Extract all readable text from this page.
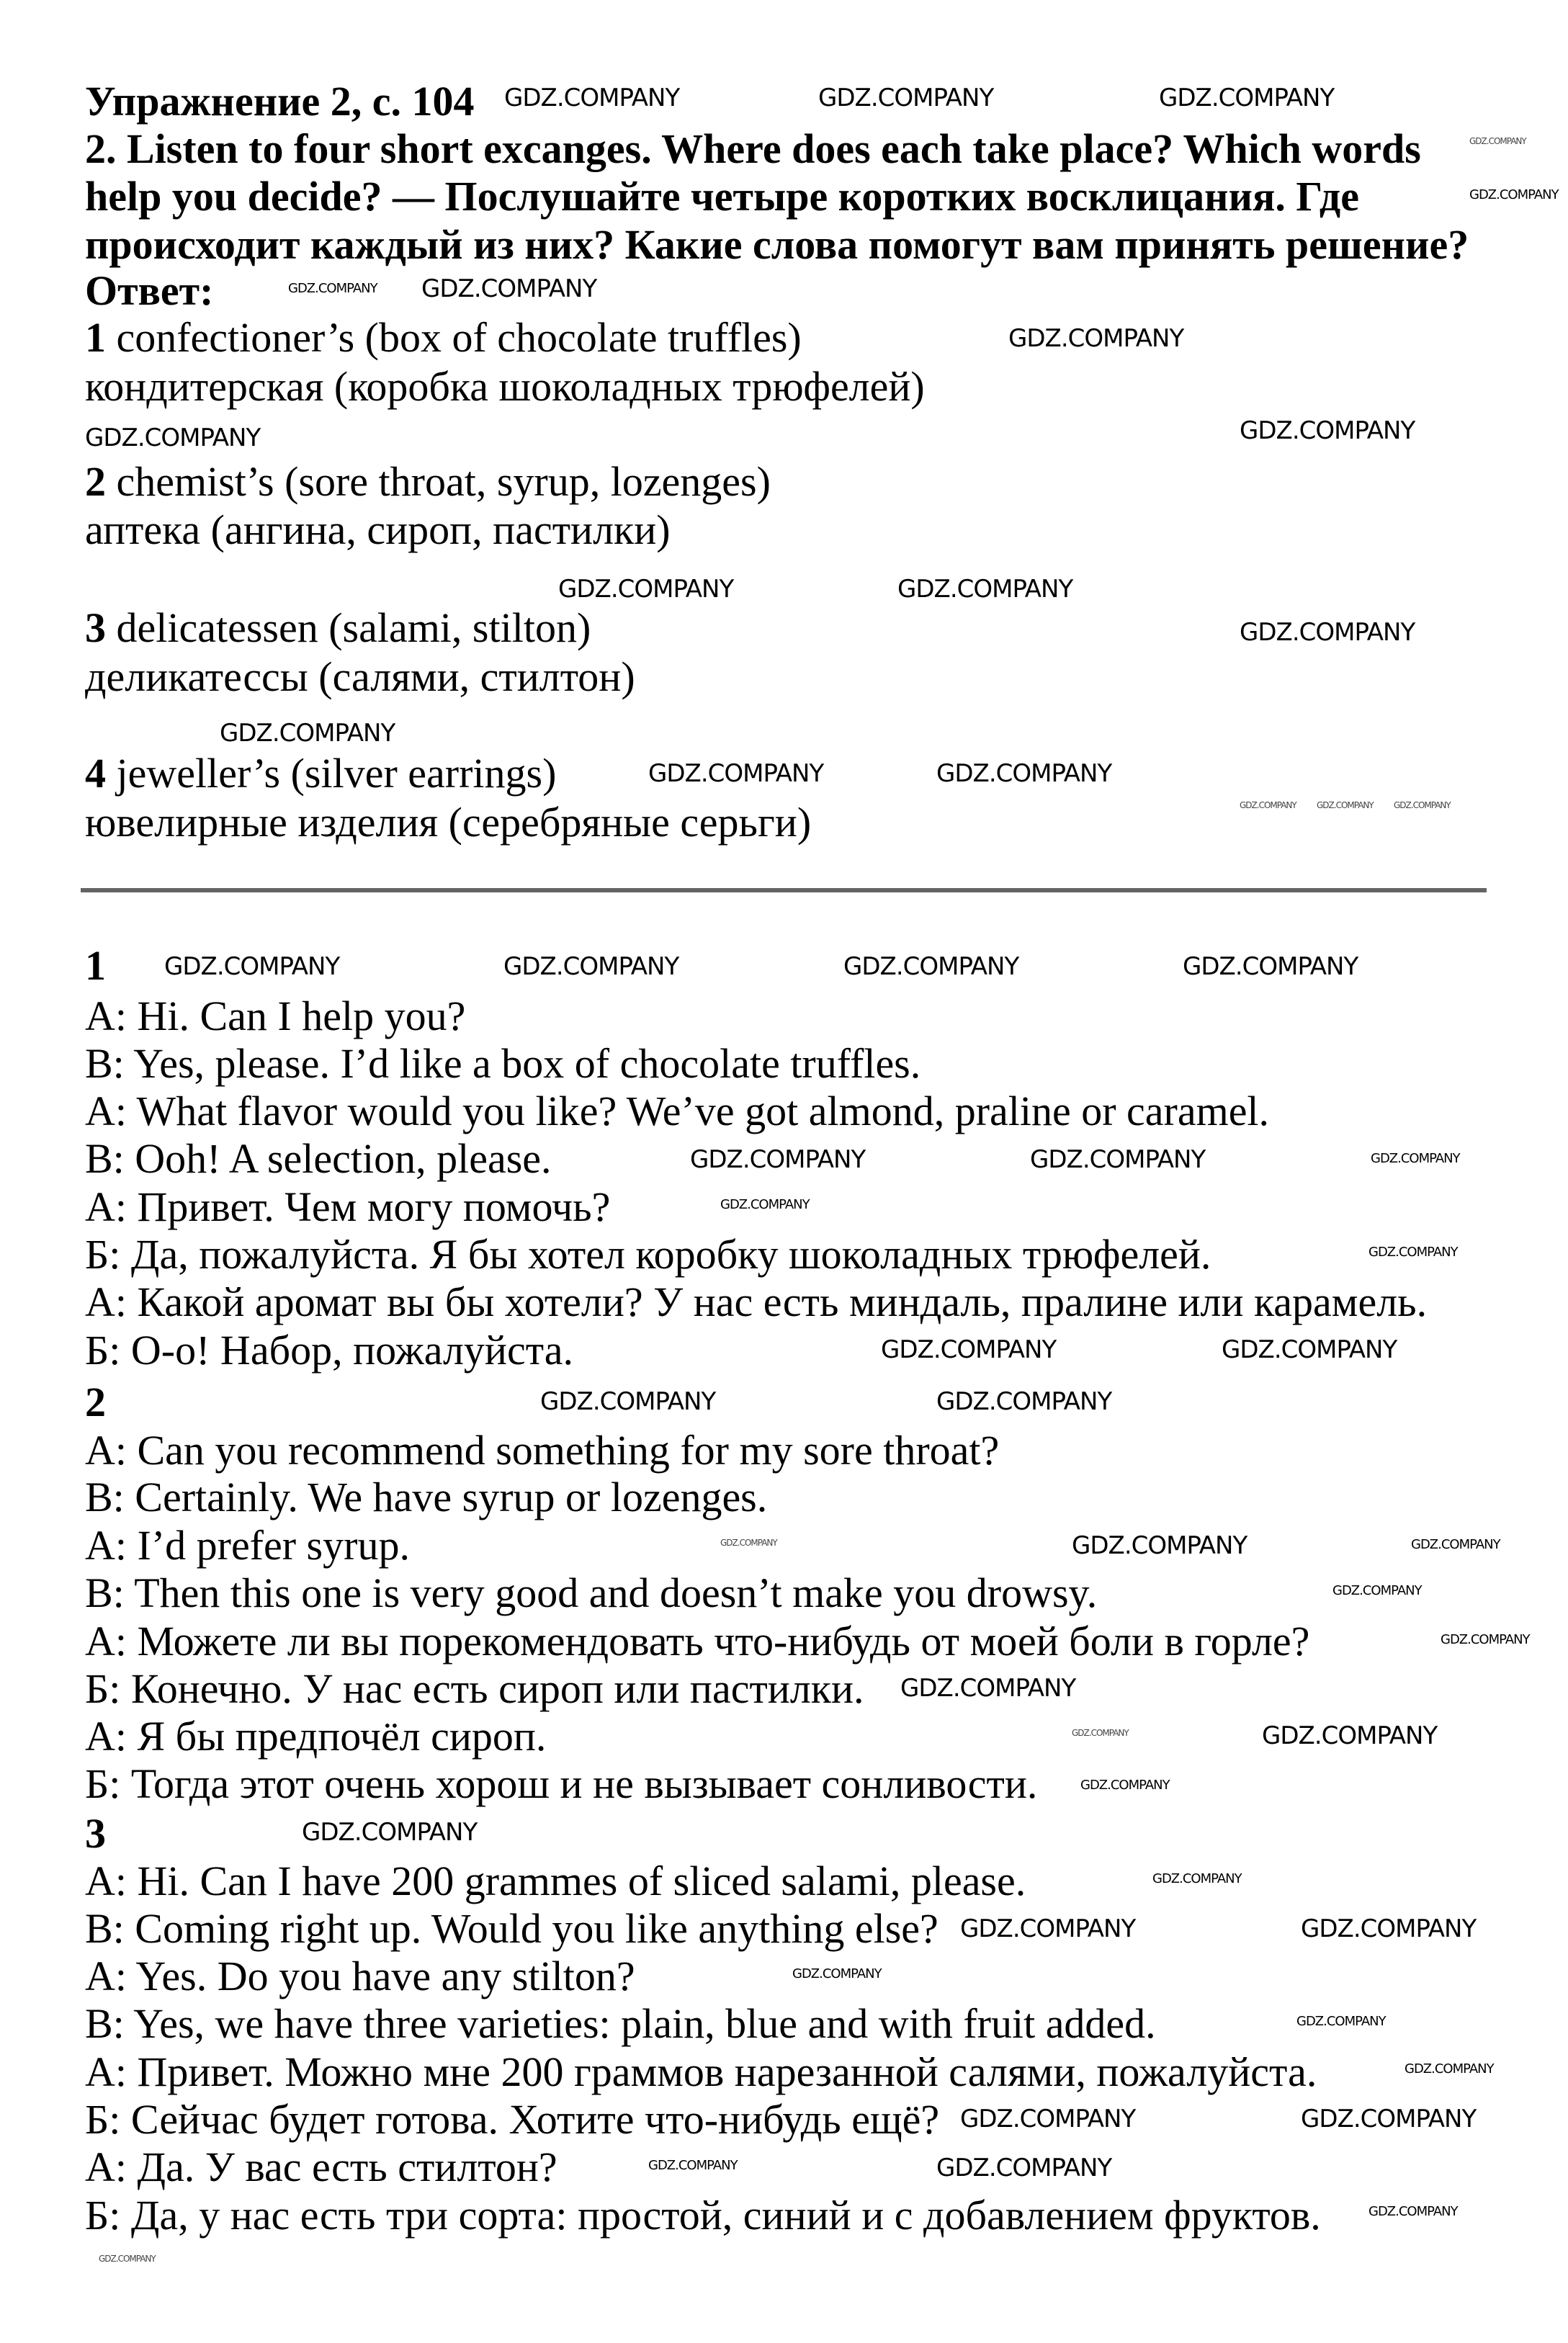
Упражнение 2, с. 104
2. Listen to four short excanges. Where does each take place? Which words
help you decide? — Послушайте четыре коротких восклицания. Где
происходит каждый из них? Какие слова помогут вам принять решение?
Ответ:
1 confectioner’s (box of chocolate truffles)
кондитерская (коробка шоколадных трюфелей)
2 chemist’s (sore throat, syrup, lozenges)
аптека (ангина, сироп, пастилки)
3 delicatessen (salami, stilton)
деликатессы (салями, стилтон)
4 jeweller’s (silver earrings)
ювелирные изделия (серебряные серьги)
1
A: Hi. Can I help you?
B: Yes, please. I’d like a box of chocolate truffles.
A: What flavor would you like? We’ve got almond, praline or caramel.
B: Ooh! A selection, please.
А: Привет. Чем могу помочь?
Б: Да, пожалуйста. Я бы хотел коробку шоколадных трюфелей.
А: Какой аромат вы бы хотели? У нас есть миндаль, пралине или карамель.
Б: О-о! Набор, пожалуйста.
2
A: Can you recommend something for my sore throat?
B: Certainly. We have syrup or lozenges.
A: I’d prefer syrup.
B: Then this one is very good and doesn’t make you drowsy.
А: Можете ли вы порекомендовать что-нибудь от моей боли в горле?
Б: Конечно. У нас есть сироп или пастилки.
А: Я бы предпочёл сироп.
Б: Тогда этот очень хорош и не вызывает сонливости.
3
A: Hi. Can I have 200 grammes of sliced salami, please.
B: Coming right up. Would you like anything else?
A: Yes. Do you have any stilton?
B: Yes, we have three varieties: plain, blue and with fruit added.
А: Привет. Можно мне 200 граммов нарезанной салями, пожалуйста.
Б: Сейчас будет готова. Хотите что-нибудь ещё?
А: Да. У вас есть стилтон?
Б: Да, у нас есть три сорта: простой, синий и с добавлением фруктов.
GDZ.COMPANY	GDZ.COMPANY	GDZ.COMPANY
GDZ.COMPANY
GDZ.COMPANY
GDZ.COMPANY GDZ.COMPANY
GDZ.COMPANY
GDZ.COMPANY
GDZ.COMPANY
GDZ.COMPANY	GDZ.COMPANY
GDZ.COMPANY
GDZ.COMPANY
GDZ.COMPANY	GDZ.COMPANY
GDZ.COMPANY GDZ.COMPANY GDZ.COMPANY
GDZ.COMPANY	GDZ.COMPANY	GDZ.COMPANY	GDZ.COMPANY
GDZ.COMPANY	GDZ.COMPANY	GDZ.COMPANY
GDZ.COMPANY
GDZ.COMPANY
GDZ.COMPANY	GDZ.COMPANY
GDZ.COMPANY	GDZ.COMPANY
GDZ.COMPANY	GDZ.COMPANY	GDZ.COMPANY
GDZ.COMPANY
GDZ.COMPANY
GDZ.COMPANY
GDZ.COMPANY	GDZ.COMPANY
GDZ.COMPANY
GDZ.COMPANY
GDZ.COMPANY
GDZ.COMPANY	GDZ.COMPANY
GDZ.COMPANY
GDZ.COMPANY
GDZ.COMPANY
GDZ.COMPANY	GDZ.COMPANY
GDZ.COMPANY	GDZ.COMPANY
GDZ.COMPANY
GDZ.COMPANY
